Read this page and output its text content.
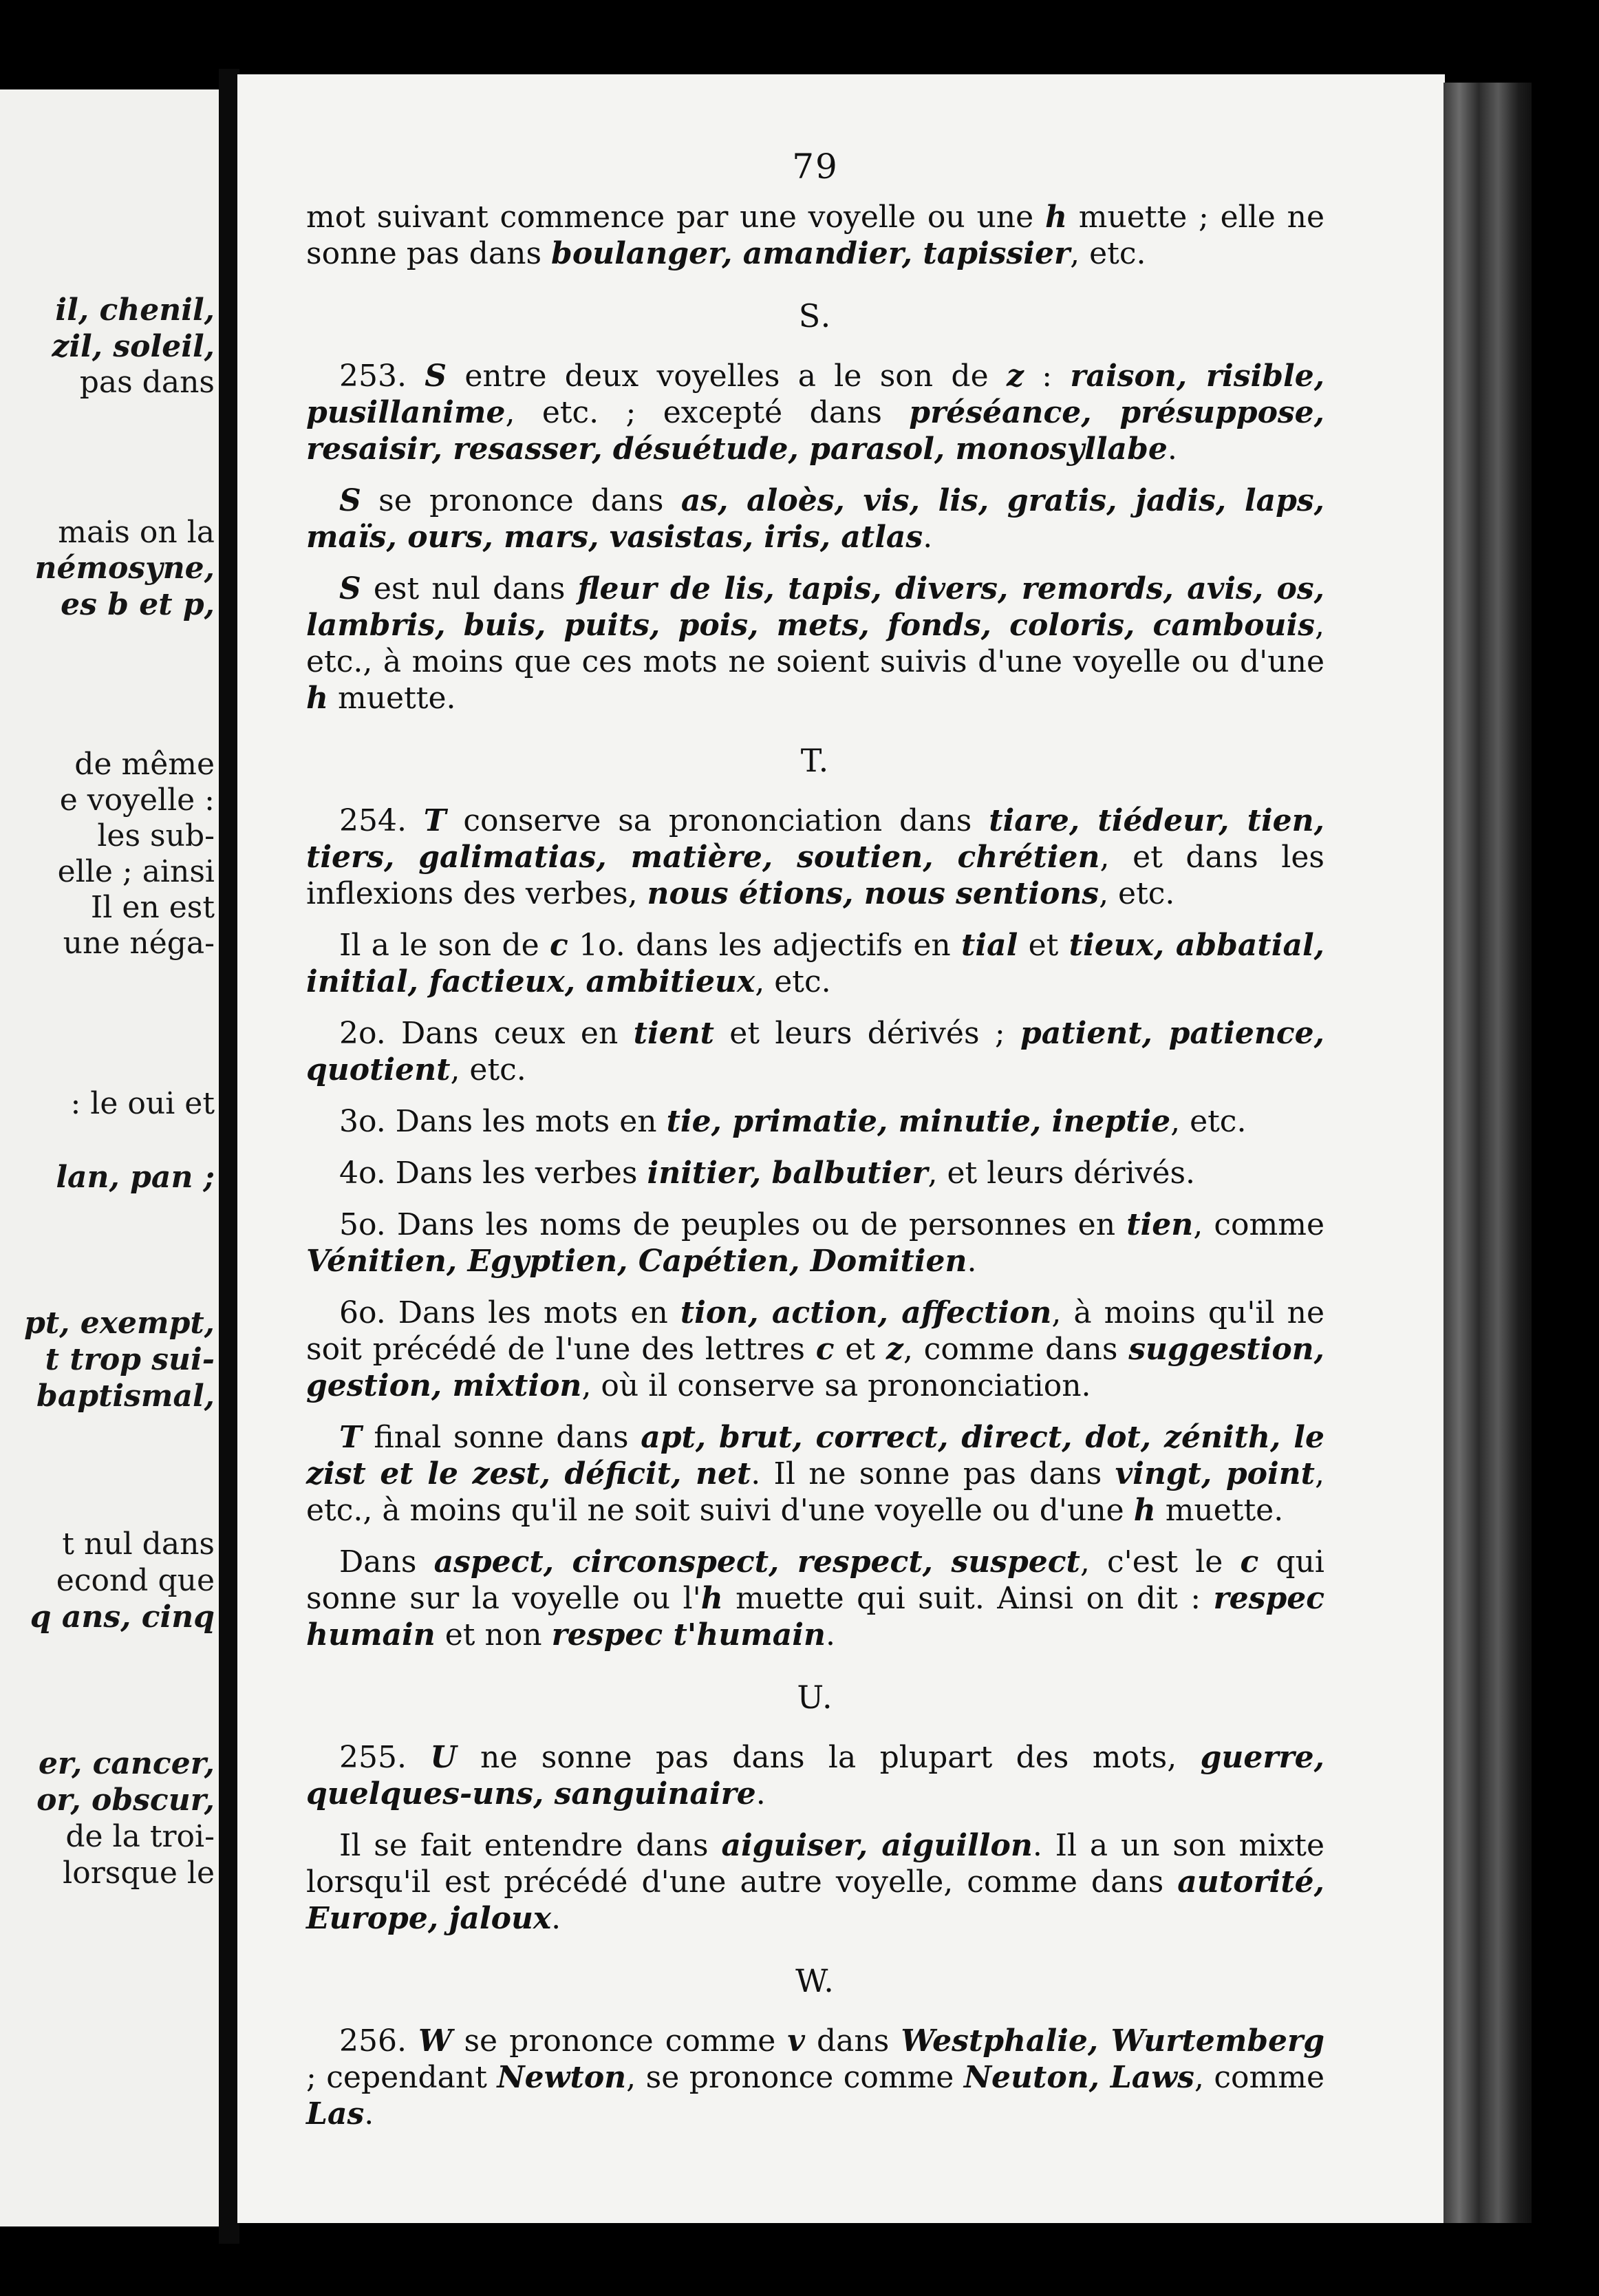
il, chenil,
zil, soleil,
pas dans
mais on la
némosyne,
es b et p,
de même
e voyelle :
les sub-
elle ; ainsi
Il en est
une néga-
: le oui et
lan, pan ;
pt, exempt,
t trop sui-
baptismal,
t nul dans
econd que
q ans, cinq
er, cancer,
or, obscur,
de la troi-
lorsque le
79

mot suivant commence par une voyelle ou une h muette ; elle ne sonne pas dans boulanger, amandier, tapissier, etc.

S.

253. S entre deux voyelles a le son de z : raison, risible, pusillanime, etc. ; excepté dans préséance, présuppose, resaisir, resasser, désuétude, parasol, monosyllabe.

S se prononce dans as, aloès, vis, lis, gratis, jadis, laps, maïs, ours, mars, vasistas, iris, atlas.

S est nul dans fleur de lis, tapis, divers, remords, avis, os, lambris, buis, puits, pois, mets, fonds, coloris, cambouis, etc., à moins que ces mots ne soient suivis d'une voyelle ou d'une h muette.

T.

254. T conserve sa prononciation dans tiare, tiédeur, tien, tiers, galimatias, matière, soutien, chrétien, et dans les inflexions des verbes, nous étions, nous sentions, etc.

Il a le son de c 1o. dans les adjectifs en tial et tieux, abbatial, initial, factieux, ambitieux, etc.

2o. Dans ceux en tient et leurs dérivés ; patient, patience, quotient, etc.

3o. Dans les mots en tie, primatie, minutie, ineptie, etc.

4o. Dans les verbes initier, balbutier, et leurs dérivés.

5o. Dans les noms de peuples ou de personnes en tien, comme Vénitien, Egyptien, Capétien, Domitien.

6o. Dans les mots en tion, action, affection, à moins qu'il ne soit précédé de l'une des lettres c et z, comme dans suggestion, gestion, mixtion, où il conserve sa prononciation.

T final sonne dans apt, brut, correct, direct, dot, zénith, le zist et le zest, déficit, net. Il ne sonne pas dans vingt, point, etc., à moins qu'il ne soit suivi d'une voyelle ou d'une h muette.

Dans aspect, circonspect, respect, suspect, c'est le c qui sonne sur la voyelle ou l'h muette qui suit. Ainsi on dit : respec humain et non respec t'humain.

U.

255. U ne sonne pas dans la plupart des mots, guerre, quelques-uns, sanguinaire.

Il se fait entendre dans aiguiser, aiguillon. Il a un son mixte lorsqu'il est précédé d'une autre voyelle, comme dans autorité, Europe, jaloux.

W.

256. W se prononce comme v dans Westphalie, Wurtemberg ; cependant Newton, se prononce comme Neuton, Laws, comme Las.
